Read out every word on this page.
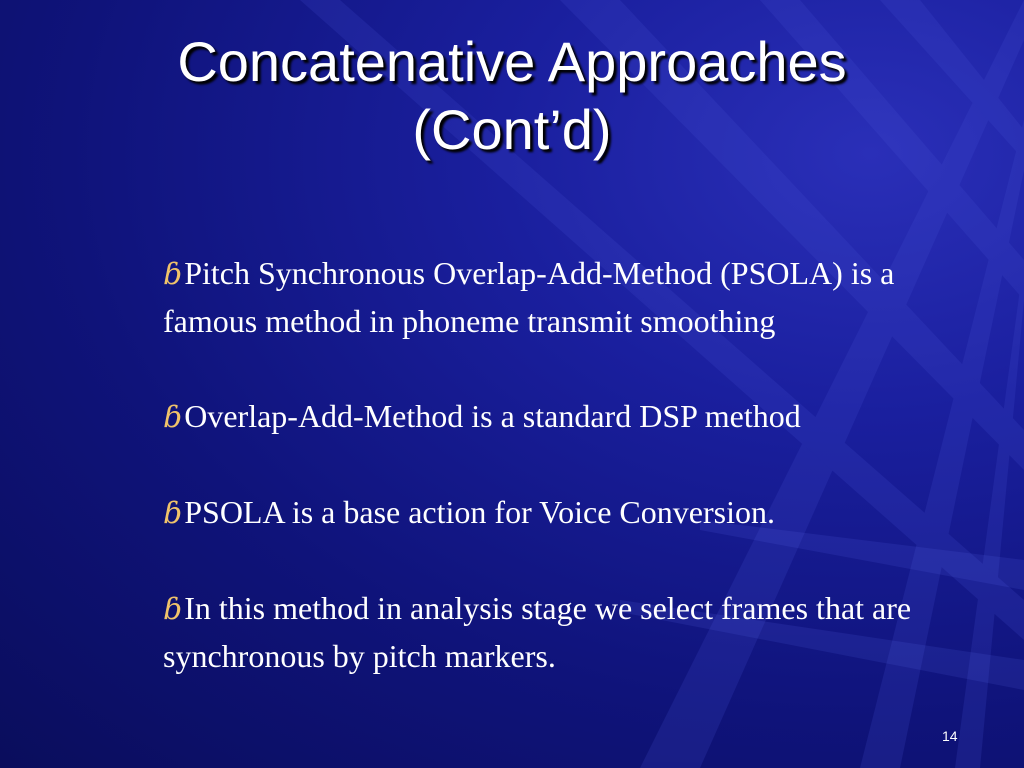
Concatenative Approaches
(Cont’d)
ɓPitch Synchronous Overlap-Add-Method (PSOLA) is a famous method in phoneme transmit smoothing
ɓOverlap-Add-Method is a standard DSP method
ɓPSOLA is a base action for Voice Conversion.
ɓIn this method in analysis stage we select frames that are synchronous by pitch markers.
14
